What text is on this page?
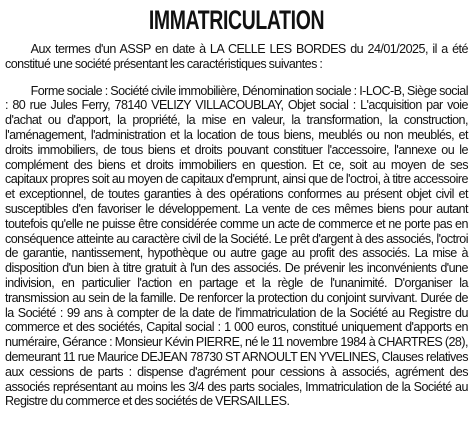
IMMATRICULATION

Aux termes d'un ASSP en date à LA CELLE LES BORDES du 24/01/2025, il a été constitué une société présentant les caractéristiques suivantes :

Forme sociale : Société civile immobilière, Dénomination sociale : I-LOC-B, Siège social : 80 rue Jules Ferry, 78140 VELIZY VILLACOUBLAY, Objet social : L'acquisition par voie d'achat ou d'apport, la propriété, la mise en valeur, la transformation, la construction, l'aménagement, l'administration et la location de tous biens, meublés ou non meublés, et droits immobiliers, de tous biens et droits pouvant constituer l'accessoire, l'annexe ou le complément des biens et droits immobiliers en question. Et ce, soit au moyen de ses capitaux propres soit au moyen de capitaux d'emprunt, ainsi que de l'octroi, à titre accessoire et exceptionnel, de toutes garanties à des opérations conformes au présent objet civil et susceptibles d'en favoriser le développement. La vente de ces mêmes biens pour autant toutefois qu'elle ne puisse être considérée comme un acte de commerce et ne porte pas en conséquence atteinte au caractère civil de la Société. Le prêt d'argent à des associés, l'octroi de garantie, nantissement, hypothèque ou autre gage au profit des associés. La mise à disposition d'un bien à titre gratuit à l'un des associés. De prévenir les inconvénients d'une indivision, en particulier l'action en partage et la règle de l'unanimité. D'organiser la transmission au sein de la famille. De renforcer la protection du conjoint survivant. Durée de la Société : 99 ans à compter de la date de l'immatriculation de la Société au Registre du commerce et des sociétés, Capital social : 1 000 euros, constitué uniquement d'apports en numéraire, Gérance : Monsieur Kévin PIERRE, né le 11 novembre 1984 à CHARTRES (28), demeurant 11 rue Maurice DEJEAN 78730 ST ARNOULT EN YVELINES, Clauses relatives aux cessions de parts : dispense d'agrément pour cessions à associés, agrément des associés représentant au moins les 3/4 des parts sociales, Immatriculation de la Société au Registre du commerce et des sociétés de VERSAILLES.
